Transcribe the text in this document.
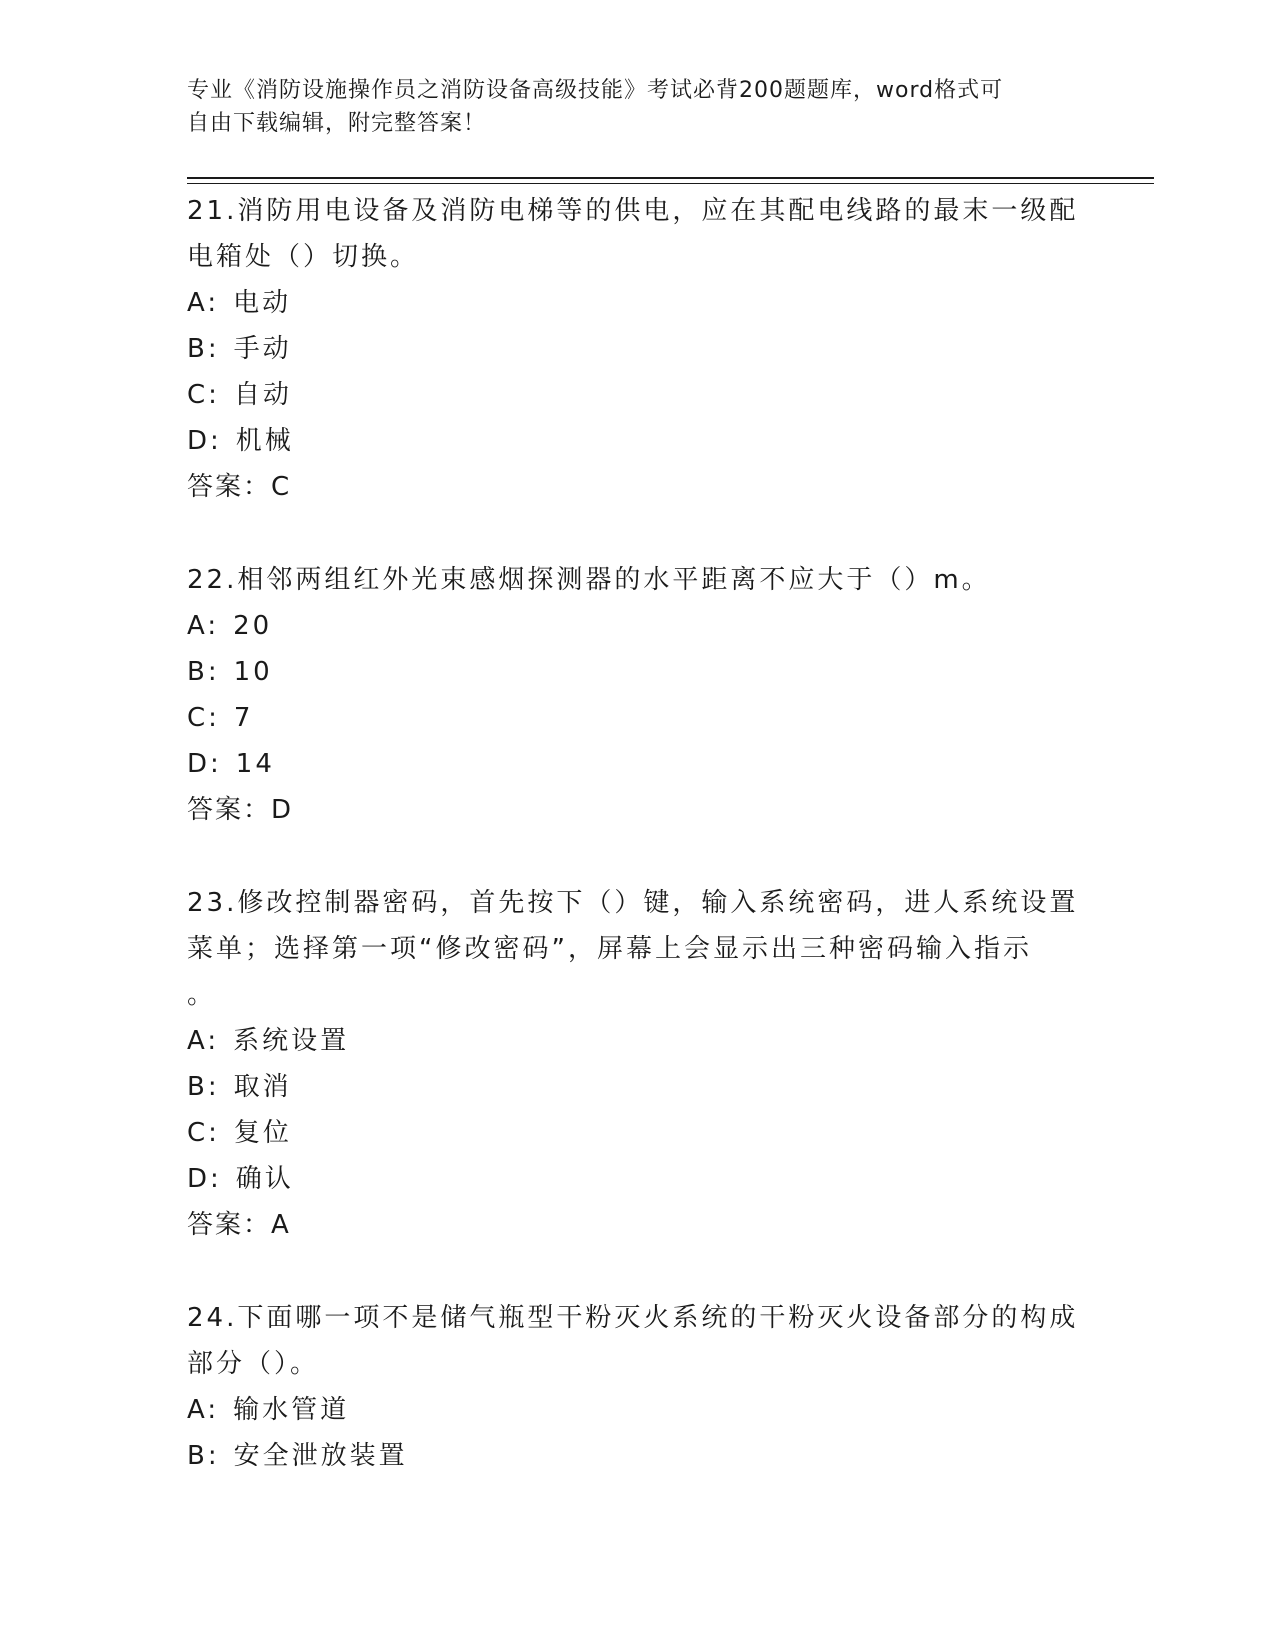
专业《消防设施操作员之消防设备高级技能》考试必背200题题库，word格式可
自由下载编辑，附完整答案！
21.消防用电设备及消防电梯等的供电，应在其配电线路的最末一级配
电箱处（）切换。
A: 电动
B: 手动
C: 自动
D: 机械
答案：C
22.相邻两组红外光束感烟探测器的水平距离不应大于（）m。
A: 20
B: 10
C: 7
D: 14
答案：D
23.修改控制器密码，首先按下（）键，输入系统密码，进人系统设置
菜单；选择第一项“修改密码”，屏幕上会显示出三种密码输入指示
。
A: 系统设置
B: 取消
C: 复位
D: 确认
答案：A
24.下面哪一项不是储气瓶型干粉灭火系统的干粉灭火设备部分的构成
部分（）。
A: 输水管道
B: 安全泄放装置
